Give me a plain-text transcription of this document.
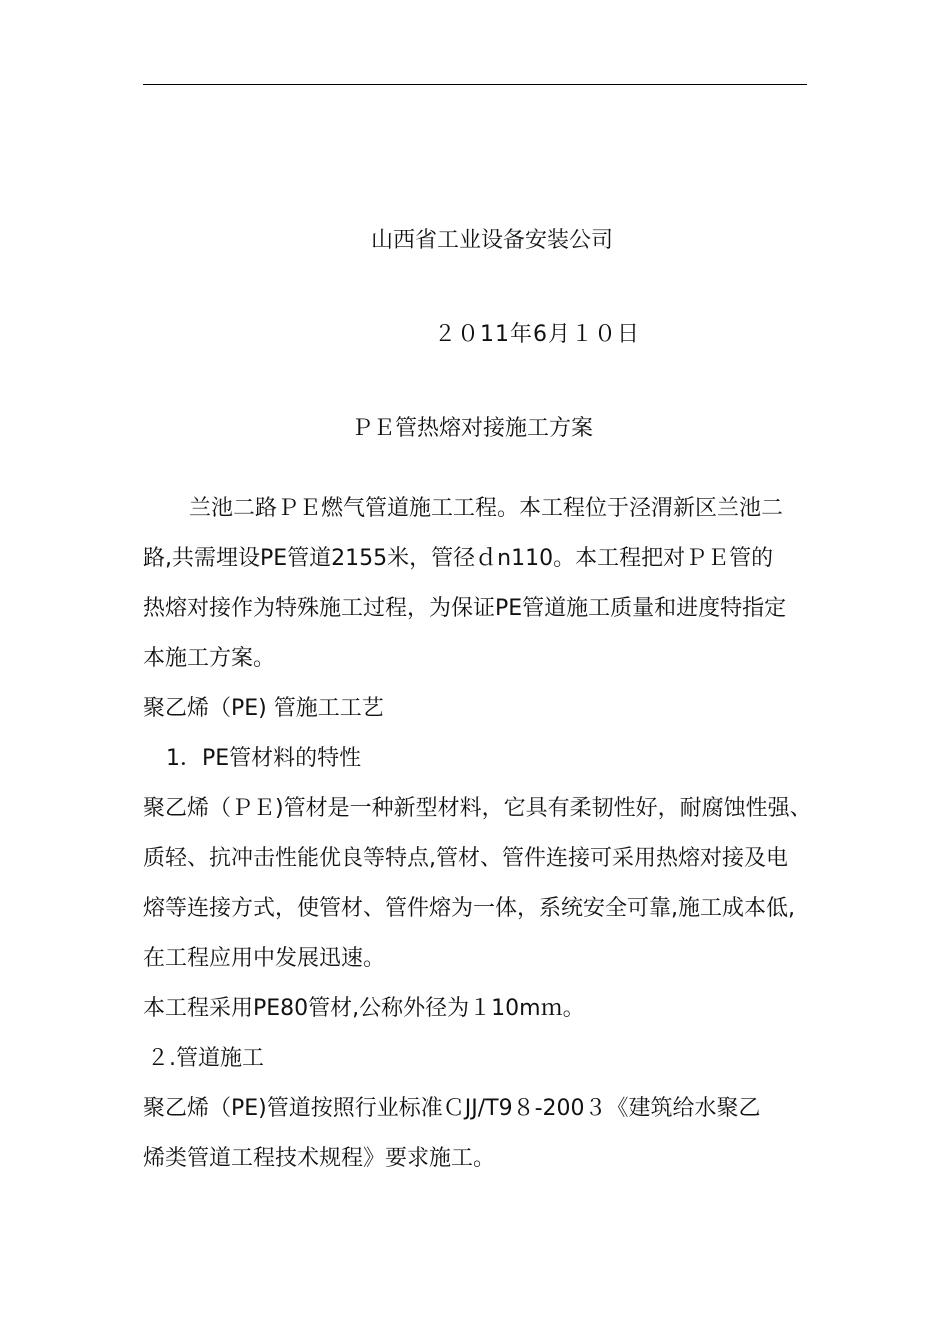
山西省工业设备安装公司
２０11年6月１０日
ＰＥ管热熔对接施工方案
兰池二路ＰＥ燃气管道施工工程。本工程位于泾渭新区兰池二
路,共需埋设PE管道2155米，管径ｄn110。本工程把对ＰＥ管的
热熔对接作为特殊施工过程，为保证PE管道施工质量和进度特指定
本施工方案。
聚乙烯（PE) 管施工工艺
1．PE管材料的特性
聚乙烯（ＰＥ)管材是一种新型材料，它具有柔韧性好，耐腐蚀性强、
质轻、抗冲击性能优良等特点,管材、管件连接可采用热熔对接及电
熔等连接方式，使管材、管件熔为一体，系统安全可靠,施工成本低,
在工程应用中发展迅速。
本工程采用PE80管材,公称外径为１10mｍ。
２.管道施工
聚乙烯（PE)管道按照行业标准ＣJJ/T9８-200３《建筑给水聚乙
烯类管道工程技术规程》要求施工。
